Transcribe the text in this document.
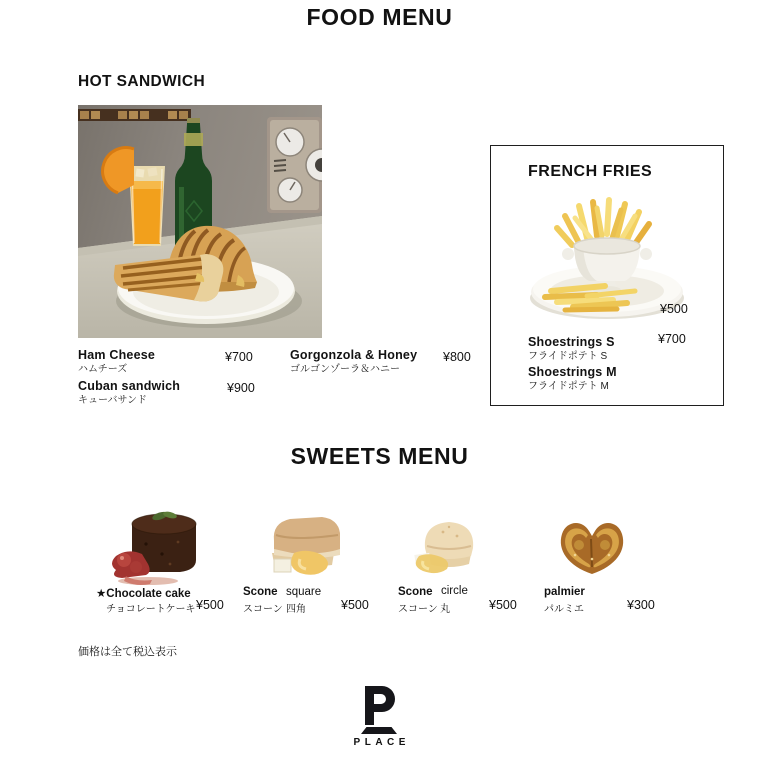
FOOD MENU
HOT SANDWICH
Ham Cheese
ハムチーズ
¥700	Gorgonzola & Honey
ゴルゴンゾーラ＆ハニー
¥800
Cuban sandwich
キューバサンド
¥900
FRENCH FRIES
¥500
¥700
Shoestrings S
フライドポテト S
Shoestrings M
フライドポテト M
SWEETS MENU
★Chocolate cake
チョコレートケーキ ¥500
Scone square
スコーン 四角	¥500
Scone circle
スコーン 丸	¥500
palmier
パルミエ	¥300
価格は全て税込表示
PLACE
